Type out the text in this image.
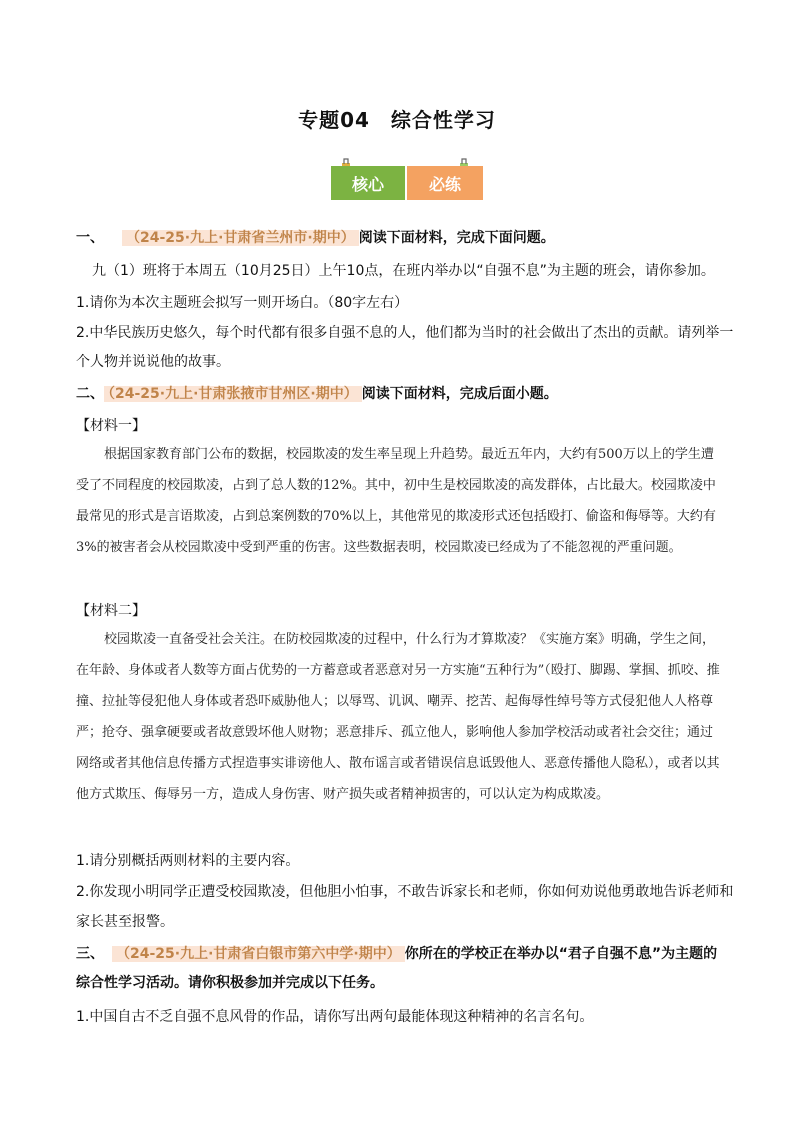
专题04　综合性学习
核心	必练
一、 （24-25·九上·甘肃省兰州市·期中） 阅读下面材料，完成下面问题。
九（1）班将于本周五（10月25日）上午10点，在班内举办以“自强不息”为主题的班会，请你参加。
1.请你为本次主题班会拟写一则开场白。（80字左右）
2.中华民族历史悠久，每个时代都有很多自强不息的人，他们都为当时的社会做出了杰出的贡献。请列举一
个人物并说说他的故事。
二、 （24-25·九上·甘肃张掖市甘州区·期中） 阅读下面材料，完成后面小题。
【材料一】
根据国家教育部门公布的数据，校园欺凌的发生率呈现上升趋势。最近五年内，大约有500万以上的学生遭受了不同程度的校园欺凌，占到了总人数的12%。其中，初中生是校园欺凌的高发群体，占比最大。校园欺凌中最常见的形式是言语欺凌，占到总案例数的70%以上，其他常见的欺凌形式还包括殴打、偷盗和侮辱等。大约有3%的被害者会从校园欺凌中受到严重的伤害。这些数据表明，校园欺凌已经成为了不能忽视的严重问题。
【材料二】
校园欺凌一直备受社会关注。在防校园欺凌的过程中，什么行为才算欺凌？《实施方案》明确，学生之间，在年龄、身体或者人数等方面占优势的一方蓄意或者恶意对另一方实施“五种行为”（殴打、脚踢、掌掴、抓咬、推撞、拉扯等侵犯他人身体或者恐吓威胁他人；以辱骂、讥讽、嘲弄、挖苦、起侮辱性绰号等方式侵犯他人人格尊严；抢夺、强拿硬要或者故意毁坏他人财物；恶意排斥、孤立他人，影响他人参加学校活动或者社会交往；通过网络或者其他信息传播方式捏造事实诽谤他人、散布谣言或者错误信息诋毁他人、恶意传播他人隐私），或者以其他方式欺压、侮辱另一方，造成人身伤害、财产损失或者精神损害的，可以认定为构成欺凌。
1.请分别概括两则材料的主要内容。
2.你发现小明同学正遭受校园欺凌，但他胆小怕事，不敢告诉家长和老师，你如何劝说他勇敢地告诉老师和
家长甚至报警。
三、 （24-25·九上·甘肃省白银市第六中学·期中） 你所在的学校正在举办以“君子自强不息”为主题的
综合性学习活动。请你积极参加并完成以下任务。
1.中国自古不乏自强不息风骨的作品，请你写出两句最能体现这种精神的名言名句。
